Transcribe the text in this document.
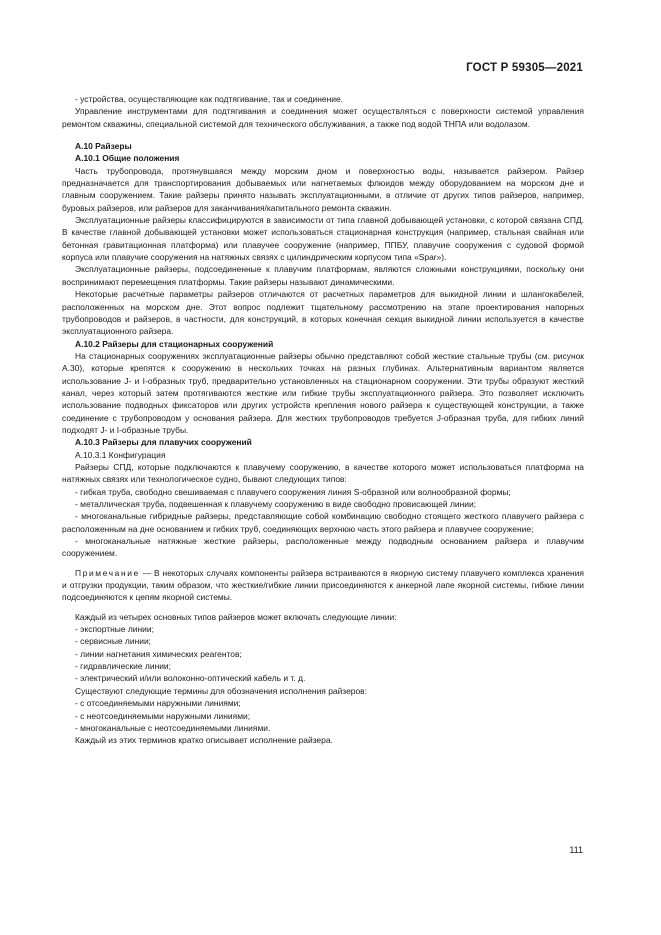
ГОСТ Р 59305—2021

- устройства, осуществляющие как подтягивание, так и соединение.

Управление инструментами для подтягивания и соединения может осуществляться с поверхности системой управления ремонтом скважины, специальной системой для технического обслуживания, а также под водой ТНПА или водолазом.

А.10 Райзеры

А.10.1 Общие положения

Часть трубопровода, протянувшаяся между морским дном и поверхностью воды, называется райзером. Райзер предназначается для транспортирования добываемых или нагнетаемых флюидов между оборудованием на морском дне и главным сооружением. Такие райзеры принято называть эксплуатационными, в отличие от других типов райзеров, например, буровых райзеров, или райзеров для заканчивания/капитального ремонта скважин.

Эксплуатационные райзеры классифицируются в зависимости от типа главной добывающей установки, с которой связана СПД. В качестве главной добывающей установки может использоваться стационарная конструкция (например, стальная свайная или бетонная гравитационная платформа) или плавучее сооружение (например, ППБУ, плавучие сооружения с судовой формой корпуса или плавучие сооружения на натяжных связях с цилиндрическим корпусом типа «Spar»).

Эксплуатационные райзеры, подсоединенные к плавучим платформам, являются сложными конструкциями, поскольку они воспринимают перемещения платформы. Такие райзеры называют динамическими.

Некоторые расчетные параметры райзеров отличаются от расчетных параметров для выкидной линии и шлангокабелей, расположенных на морском дне. Этот вопрос подлежит тщательному рассмотрению на этапе проектирования напорных трубопроводов и райзеров, в частности, для конструкций, в которых конечная секция выкидной линии используется в качестве эксплуатационного райзера.

А.10.2 Райзеры для стационарных сооружений

На стационарных сооружениях эксплуатационные райзеры обычно представляют собой жесткие стальные трубы (см. рисунок А.30), которые крепятся к сооружению в нескольких точках на разных глубинах. Альтернативным вариантом является использование J- и I-образных труб, предварительно установленных на стационарном сооружении. Эти трубы образуют жесткий канал, через который затем протягиваются жесткие или гибкие трубы эксплуатационного райзера. Это позволяет исключить использование подводных фиксаторов или других устройств крепления нового райзера к существующей конструкции, а также соединение с трубопроводом у основания райзера. Для жестких трубопроводов требуется J-образная труба, для гибких линий подходят J- и I-образные трубы.

А.10.3 Райзеры для плавучих сооружений

А.10.3.1 Конфигурация

Райзеры СПД, которые подключаются к плавучему сооружению, в качестве которого может использоваться платформа на натяжных связях или технологическое судно, бывают следующих типов:

- гибкая труба, свободно свешиваемая с плавучего сооружения линия S-образной или волнообразной формы;

- металлическая труба, подвешенная к плавучему сооружению в виде свободно провисающей линии;

- многоканальные гибридные райзеры, представляющие собой комбинацию свободно стоящего жесткого плавучего райзера с расположенным на дне основанием и гибких труб, соединяющих верхнюю часть этого райзера и плавучее сооружение;

- многоканальные натяжные жесткие райзеры, расположенные между подводным основанием райзера и плавучим сооружением.

Примечание — В некоторых случаях компоненты райзера встраиваются в якорную систему плавучего комплекса хранения и отгрузки продукции, таким образом, что жесткие/гибкие линии присоединяются к анкерной лапе якорной системы, гибкие линии подсоединяются к цепям якорной системы.

Каждый из четырех основных типов райзеров может включать следующие линии:

- экспортные линии;

- сервисные линии;

- линии нагнетания химических реагентов;

- гидравлические линии;

- электрический и/или волоконно-оптический кабель и т. д.

Существуют следующие термины для обозначения исполнения райзеров:

- с отсоединяемыми наружными линиями;

- с неотсоединяемыми наружными линиями;

- многоканальные с неотсоединяемыми линиями.

Каждый из этих терминов кратко описывает исполнение райзера.

111
